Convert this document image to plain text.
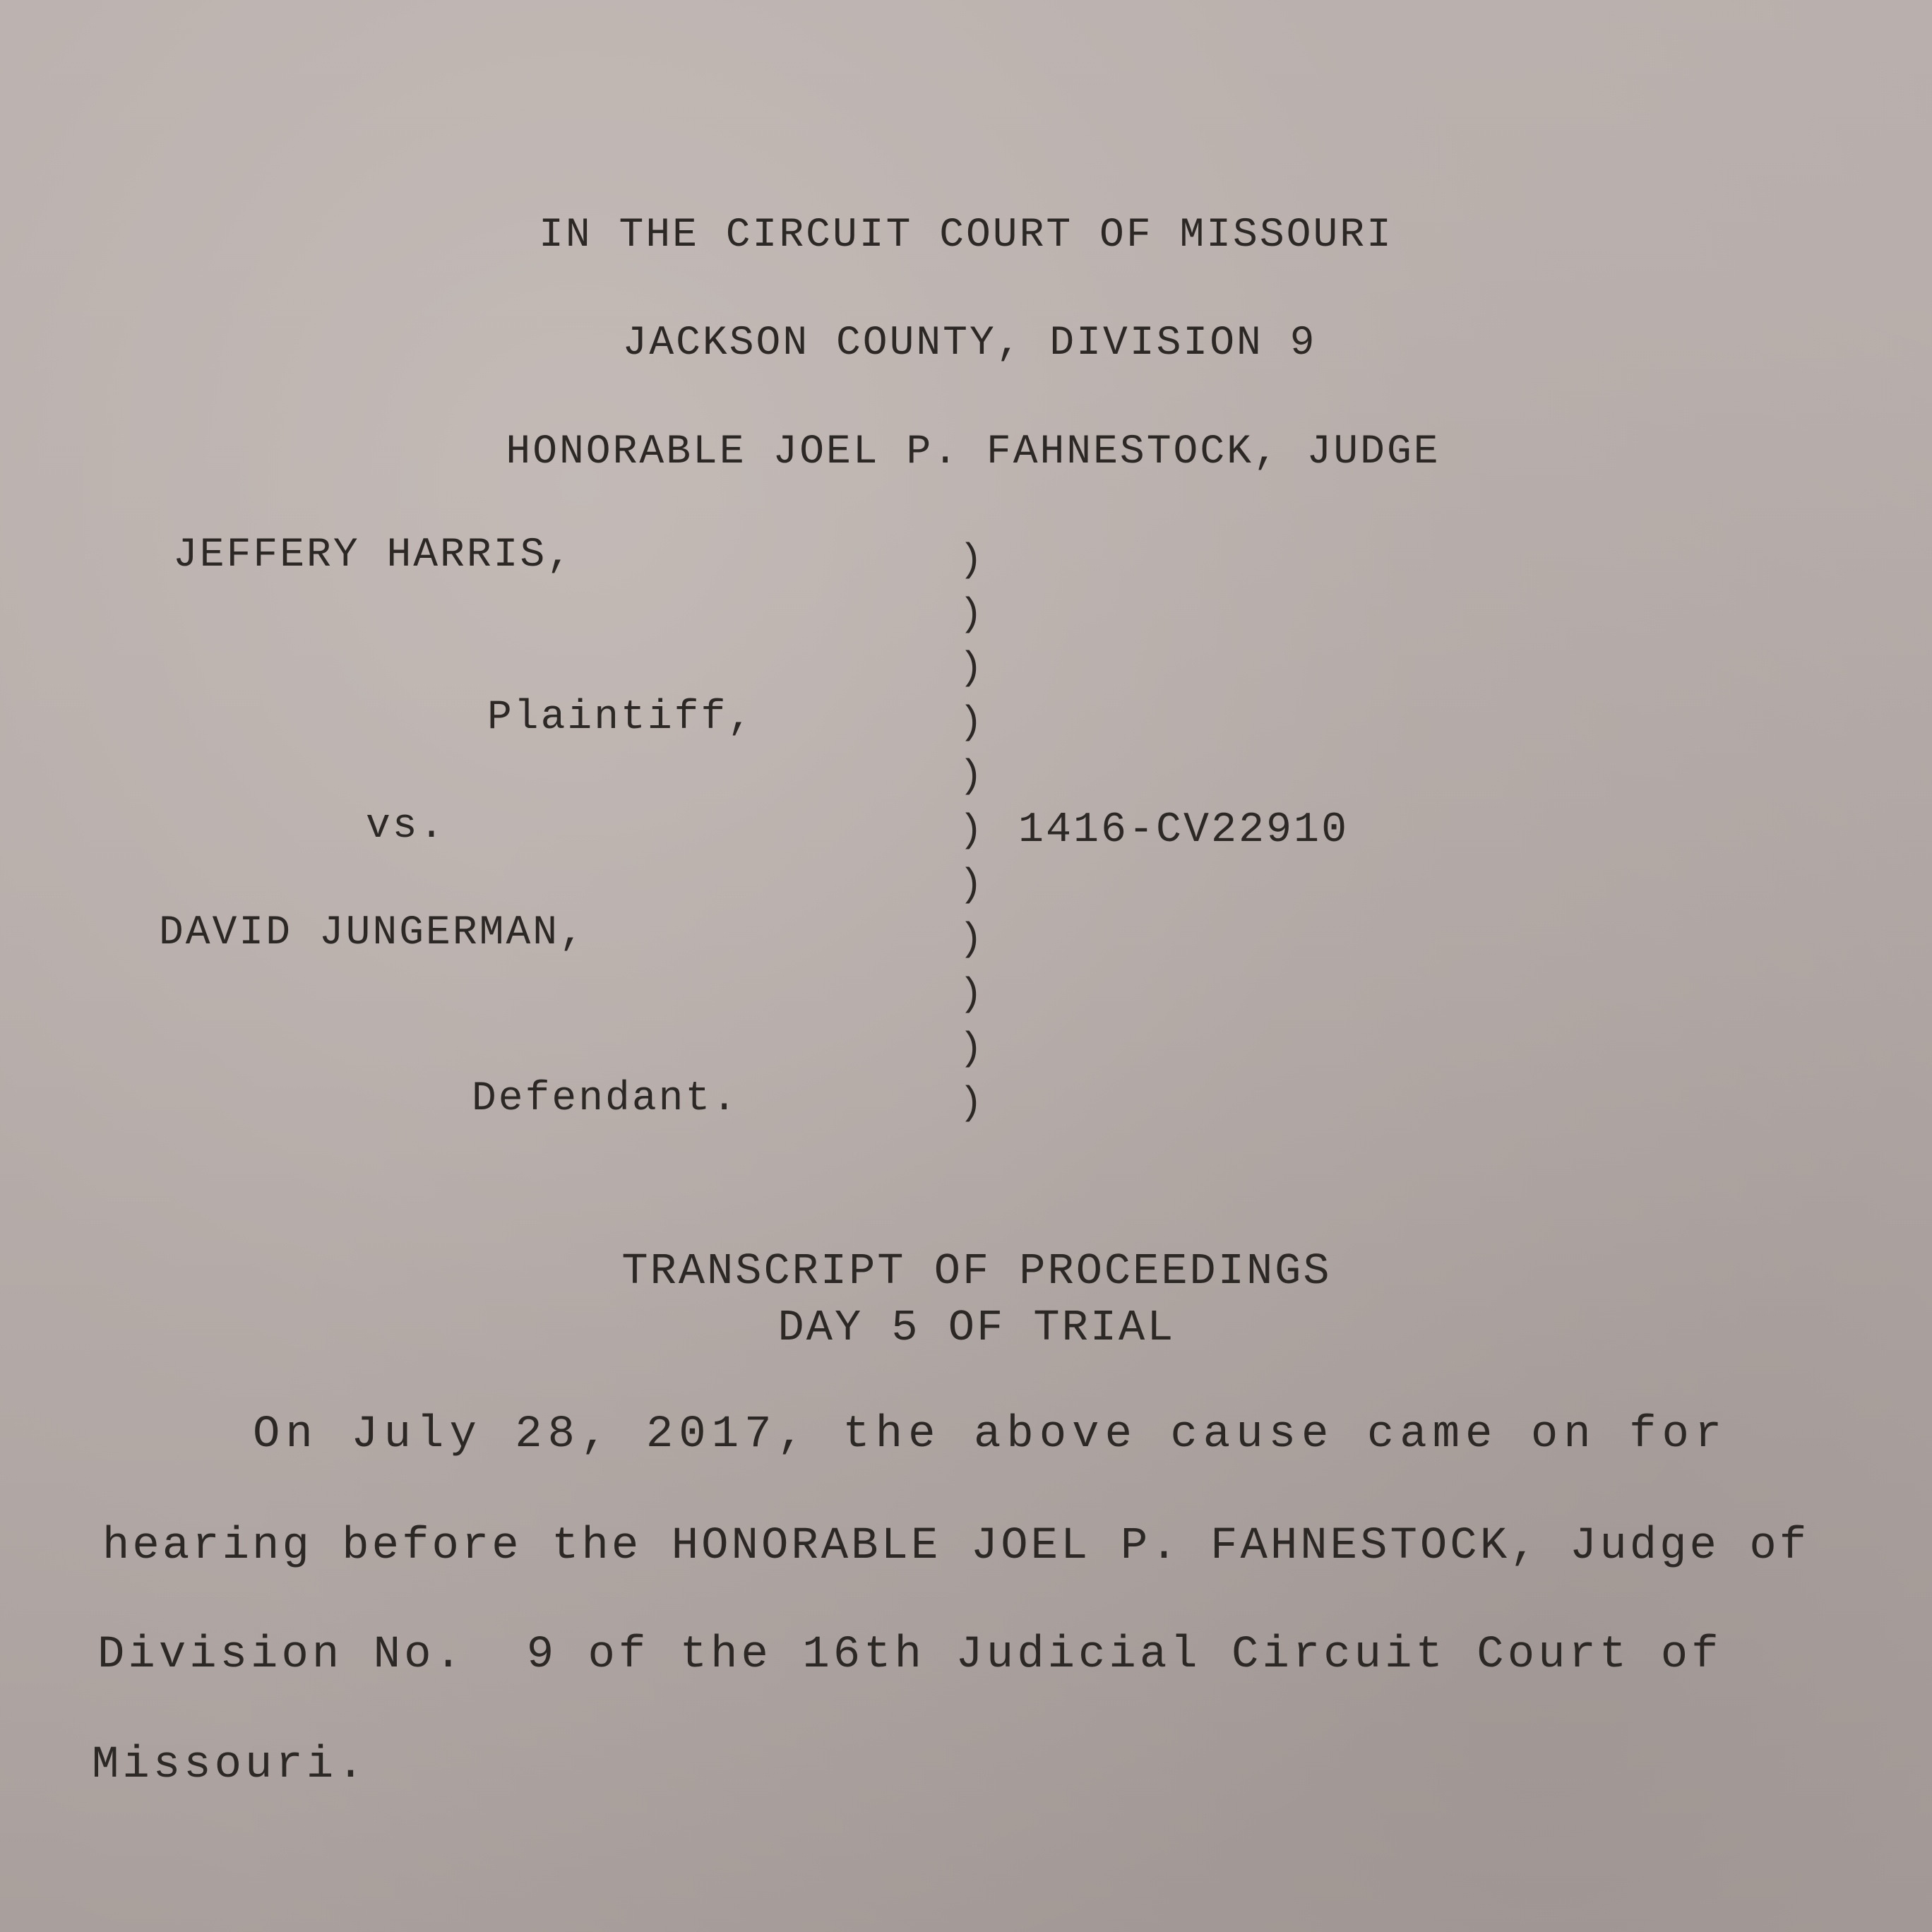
IN THE CIRCUIT COURT OF MISSOURI
JACKSON COUNTY, DIVISION 9
HONORABLE JOEL P. FAHNESTOCK, JUDGE
JEFFERY HARRIS,
Plaintiff,
vs.
DAVID JUNGERMAN,
Defendant.
)
)
)
)
)
)
)
)
)
)
)
1416-CV22910
TRANSCRIPT OF PROCEEDINGS
DAY 5 OF TRIAL
On July 28, 2017, the above cause came on for
hearing before the HONORABLE JOEL P. FAHNESTOCK, Judge of
Division No.  9 of the 16th Judicial Circuit Court of
Missouri.
